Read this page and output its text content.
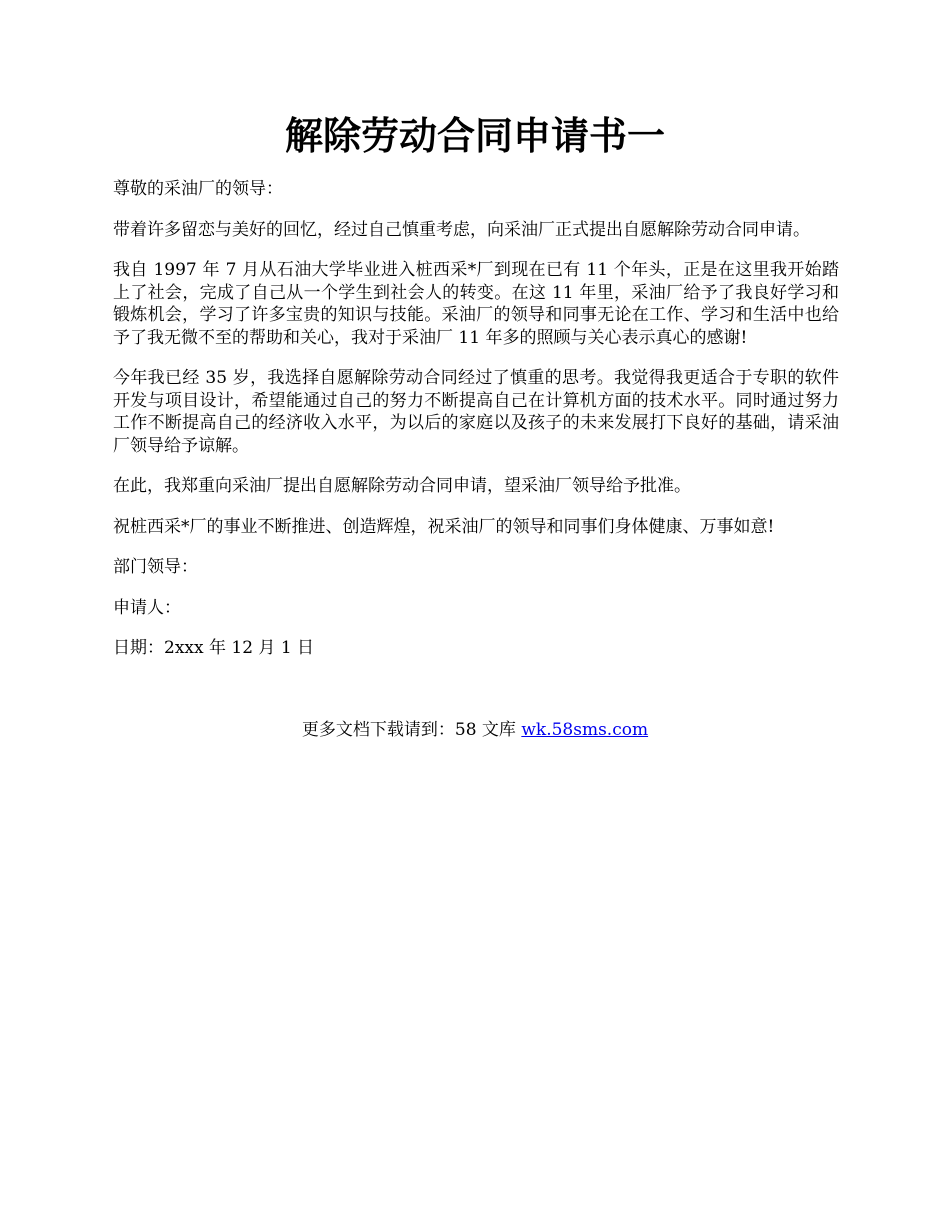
解除劳动合同申请书一

尊敬的采油厂的领导：

带着许多留恋与美好的回忆，经过自己慎重考虑，向采油厂正式提出自愿解除劳动合同申请。

我自 1997 年 7 月从石油大学毕业进入桩西采*厂到现在已有 11 个年头，正是在这里我开始踏上了社会，完成了自己从一个学生到社会人的转变。在这 11 年里，采油厂给予了我良好学习和锻炼机会，学习了许多宝贵的知识与技能。采油厂的领导和同事无论在工作、学习和生活中也给予了我无微不至的帮助和关心，我对于采油厂 11 年多的照顾与关心表示真心的感谢!

今年我已经 35 岁，我选择自愿解除劳动合同经过了慎重的思考。我觉得我更适合于专职的软件开发与项目设计，希望能通过自己的努力不断提高自己在计算机方面的技术水平。同时通过努力工作不断提高自己的经济收入水平，为以后的家庭以及孩子的未来发展打下良好的基础，请采油厂领导给予谅解。

在此，我郑重向采油厂提出自愿解除劳动合同申请，望采油厂领导给予批准。

祝桩西采*厂的事业不断推进、创造辉煌，祝采油厂的领导和同事们身体健康、万事如意!

部门领导：

申请人：

日期：2xxx 年 12 月 1 日

更多文档下载请到：58 文库 wk.58sms.com
